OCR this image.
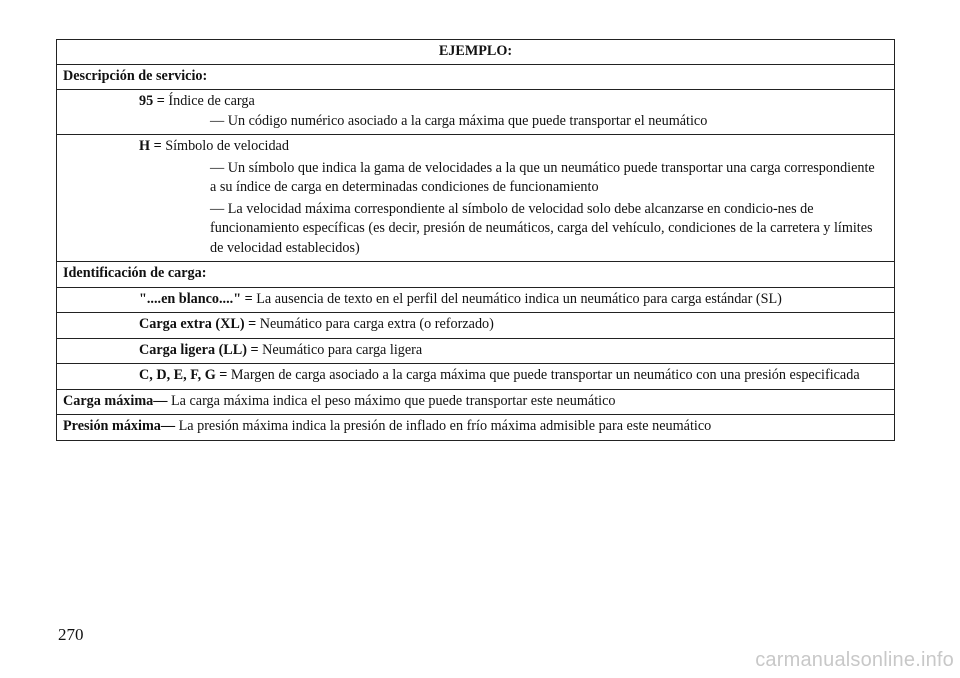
EJEMPLO:
Descripción de servicio:
95 = Índice de carga
— Un código numérico asociado a la carga máxima que puede transportar el neumático
H = Símbolo de velocidad
— Un símbolo que indica la gama de velocidades a la que un neumático puede transportar una carga correspondiente a su índice de carga en determinadas condiciones de funcionamiento
— La velocidad máxima correspondiente al símbolo de velocidad solo debe alcanzarse en condicio-nes de funcionamiento específicas (es decir, presión de neumáticos, carga del vehículo, condiciones de la carretera y límites de velocidad establecidos)
Identificación de carga:
"....en blanco...." = La ausencia de texto en el perfil del neumático indica un neumático para carga estándar (SL)
Carga extra (XL) = Neumático para carga extra (o reforzado)
Carga ligera (LL) = Neumático para carga ligera
C, D, E, F, G = Margen de carga asociado a la carga máxima que puede transportar un neumático con una presión especificada
Carga máxima— La carga máxima indica el peso máximo que puede transportar este neumático
Presión máxima— La presión máxima indica la presión de inflado en frío máxima admisible para este neumático
270
carmanualsonline.info
